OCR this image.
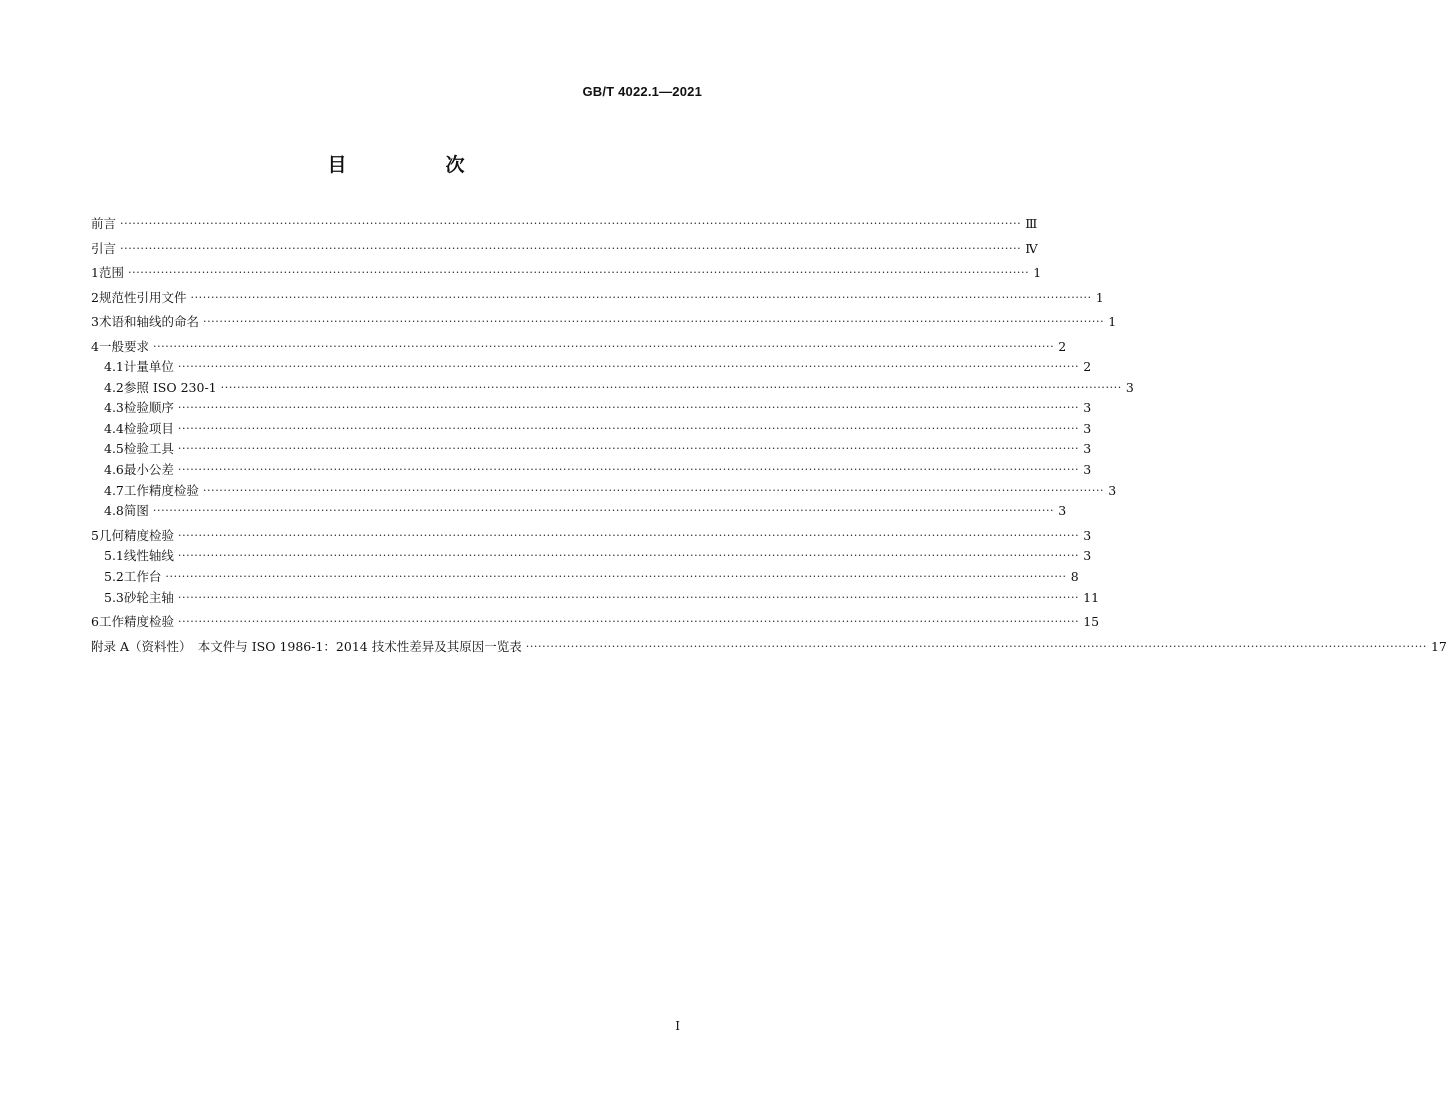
GB/T 4022.1—2021
目　次
前言 ···························································································································································································································· Ⅲ
引言 ···························································································································································································································· Ⅳ
1 范围 ···························································································································································································································· 1
2 规范性引用文件 ···························································································································································································································· 1
3 术语和轴线的命名 ···························································································································································································································· 1
4 一般要求 ···························································································································································································································· 2
4.1 计量单位 ···························································································································································································································· 2
4.2 参照 ISO 230-1 ···························································································································································································································· 3
4.3 检验顺序 ···························································································································································································································· 3
4.4 检验项目 ···························································································································································································································· 3
4.5 检验工具 ···························································································································································································································· 3
4.6 最小公差 ···························································································································································································································· 3
4.7 工作精度检验 ···························································································································································································································· 3
4.8 简图 ···························································································································································································································· 3
5 几何精度检验 ···························································································································································································································· 3
5.1 线性轴线 ···························································································································································································································· 3
5.2 工作台 ···························································································································································································································· 8
5.3 砂轮主轴 ···························································································································································································································· 11
6 工作精度检验 ···························································································································································································································· 15
附录 A（资料性）　本文件与 ISO 1986-1：2014 技术性差异及其原因一览表 ···························································································································································································································· 17
Ⅰ
